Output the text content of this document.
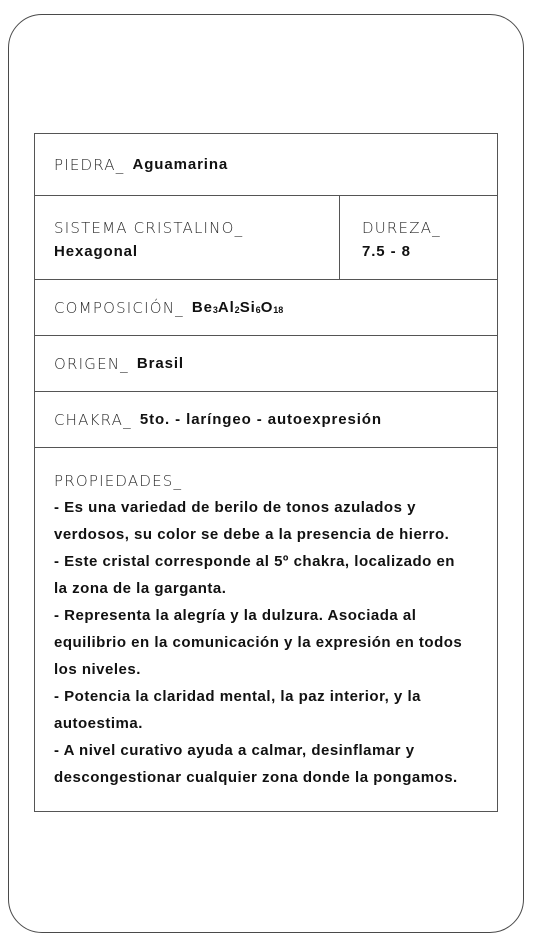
PIEDRA_ Aguamarina
SISTEMA CRISTALINO_
Hexagonal
DUREZA_
7.5 - 8
COMPOSICIÓN_ $Be_3Al_2Si_6O_{18}$
ORIGEN_ Brasil
CHAKRA_ 5to. - laríngeo - autoexpresión
PROPIEDADES_
- Es una variedad de berilo de tonos azulados y
verdosos, su color se debe a la presencia de hierro.
- Este cristal corresponde al 5º chakra, localizado en
la zona de la garganta.
- Representa la alegría y la dulzura. Asociada al
equilibrio en la comunicación y la expresión en todos
los niveles.
- Potencia la claridad mental, la paz interior, y la
autoestima.
- A nivel curativo ayuda a calmar, desinflamar y
descongestionar cualquier zona donde la pongamos.
